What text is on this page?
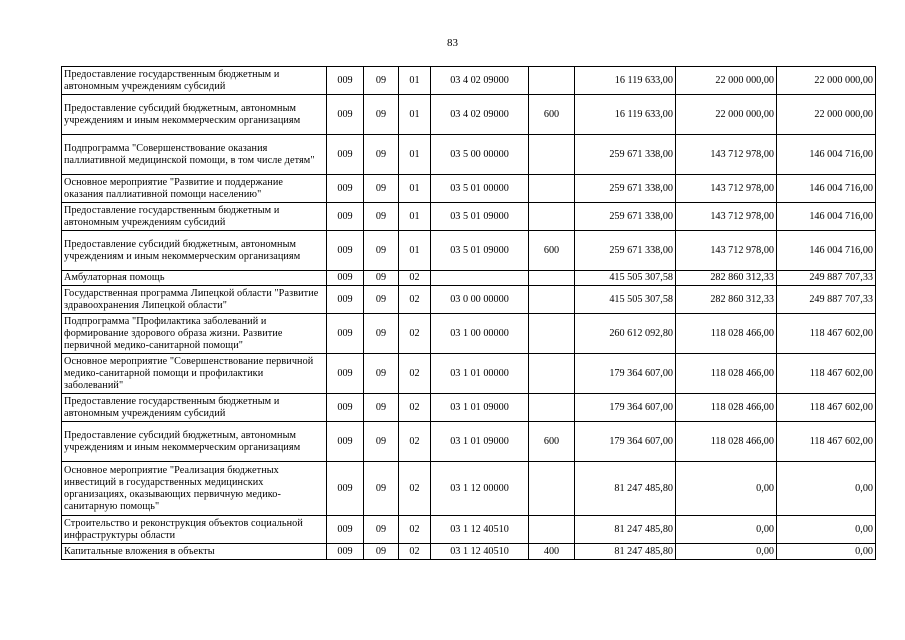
83
Предоставление государственным бюджетным и автономным учреждениям субсидий	009	09	01	03 4 02 09000		16 119 633,00	22 000 000,00	22 000 000,00
Предоставление субсидий бюджетным, автономным учреждениям и иным некоммерческим организациям	009	09	01	03 4 02 09000	600	16 119 633,00	22 000 000,00	22 000 000,00
Подпрограмма "Совершенствование оказания паллиативной медицинской помощи, в том числе детям"	009	09	01	03 5 00 00000		259 671 338,00	143 712 978,00	146 004 716,00
Основное мероприятие "Развитие и поддержание оказания паллиативной помощи населению"	009	09	01	03 5 01 00000		259 671 338,00	143 712 978,00	146 004 716,00
Предоставление государственным бюджетным и автономным учреждениям субсидий	009	09	01	03 5 01 09000		259 671 338,00	143 712 978,00	146 004 716,00
Предоставление субсидий бюджетным, автономным учреждениям и иным некоммерческим организациям	009	09	01	03 5 01 09000	600	259 671 338,00	143 712 978,00	146 004 716,00
Амбулаторная помощь	009	09	02			415 505 307,58	282 860 312,33	249 887 707,33
Государственная программа Липецкой области "Развитие здравоохранения Липецкой области"	009	09	02	03 0 00 00000		415 505 307,58	282 860 312,33	249 887 707,33
Подпрограмма "Профилактика заболеваний и формирование здорового образа жизни. Развитие первичной медико-санитарной помощи"	009	09	02	03 1 00 00000		260 612 092,80	118 028 466,00	118 467 602,00
Основное мероприятие "Совершенствование первичной медико-санитарной помощи и профилактики заболеваний"	009	09	02	03 1 01 00000		179 364 607,00	118 028 466,00	118 467 602,00
Предоставление государственным бюджетным и автономным учреждениям субсидий	009	09	02	03 1 01 09000		179 364 607,00	118 028 466,00	118 467 602,00
Предоставление субсидий бюджетным, автономным учреждениям и иным некоммерческим организациям	009	09	02	03 1 01 09000	600	179 364 607,00	118 028 466,00	118 467 602,00
Основное мероприятие "Реализация бюджетных инвестиций в государственных медицинских организациях, оказывающих первичную медико-санитарную помощь"	009	09	02	03 1 12 00000		81 247 485,80	0,00	0,00
Строительство и реконструкция объектов социальной инфраструктуры области	009	09	02	03 1 12 40510		81 247 485,80	0,00	0,00
Капитальные вложения в объекты	009	09	02	03 1 12 40510	400	81 247 485,80	0,00	0,00
